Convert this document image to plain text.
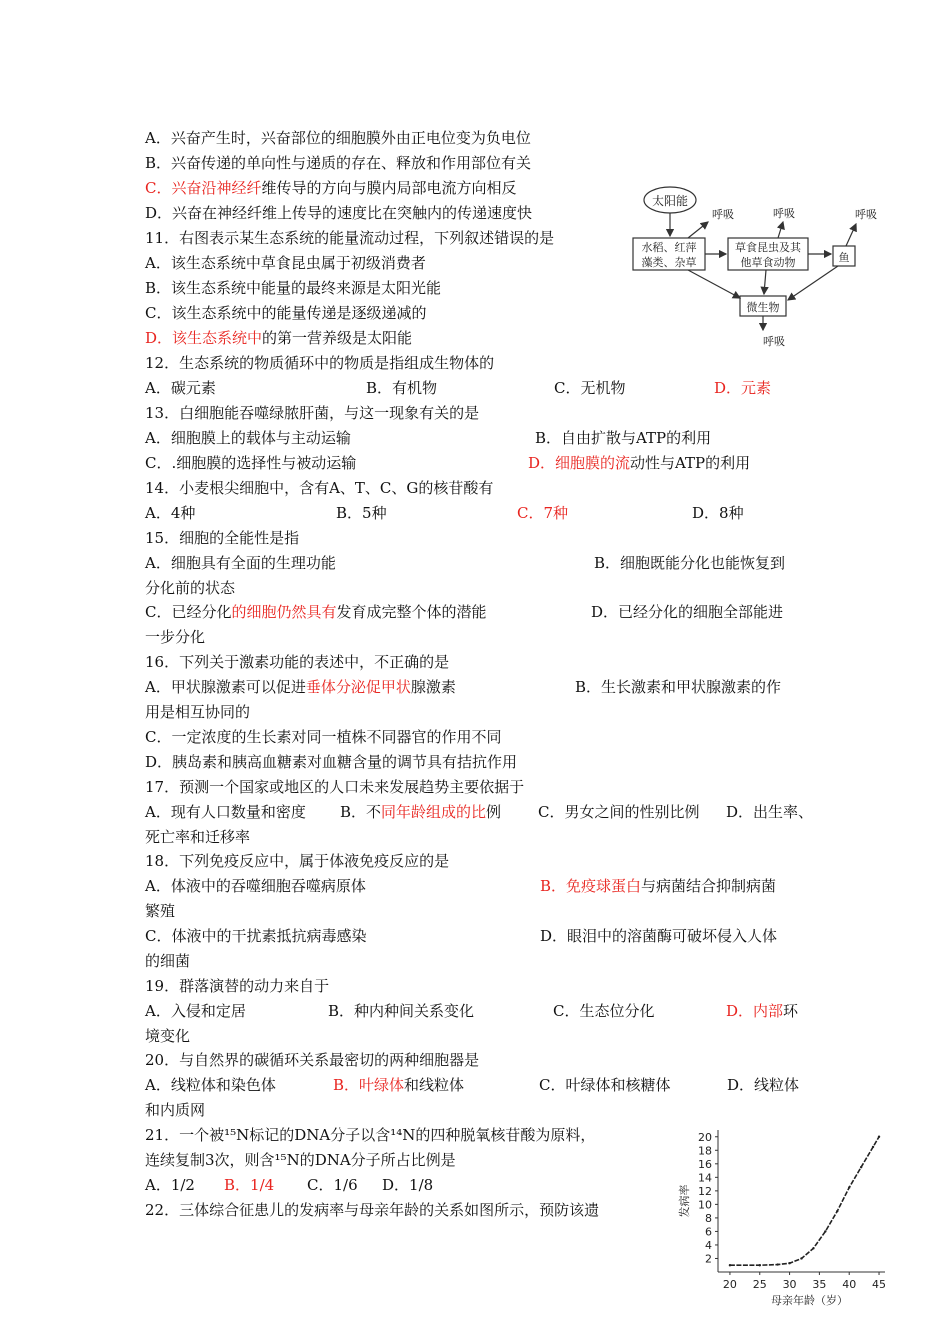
A．兴奋产生时，兴奋部位的细胞膜外由正电位变为负电位
B．兴奋传递的单向性与递质的存在、释放和作用部位有关
C．兴奋沿神经纤维传导的方向与膜内局部电流方向相反
D．兴奋在神经纤维上传导的速度比在突触内的传递速度快
11．右图表示某生态系统的能量流动过程，下列叙述错误的是
A．该生态系统中草食昆虫属于初级消费者
B．该生态系统中能量的最终来源是太阳光能
C．该生态系统中的能量传递是逐级递减的
D．该生态系统中的第一营养级是太阳能
太阳能
水稻、红萍
藻类、杂草
草食昆虫及其
他草食动物	鱼
微生物
呼吸	呼吸	呼吸
呼吸
12．生态系统的物质循环中的物质是指组成生物体的
A．碳元素	B．有机物	C．无机物	D．元素
13．白细胞能吞噬绿脓肝菌，与这一现象有关的是
A．细胞膜上的载体与主动运输	B．自由扩散与ATP的利用
C．.细胞膜的选择性与被动运输	D．细胞膜的流动性与ATP的利用
14．小麦根尖细胞中，含有A、T、C、G的核苷酸有
A．4种	B．5种	C．7种	D．8种
15．细胞的全能性是指
A．细胞具有全面的生理功能	B．细胞既能分化也能恢复到
分化前的状态
C．已经分化的细胞仍然具有发育成完整个体的潜能	D．已经分化的细胞全部能进
一步分化
16．下列关于激素功能的表述中，不正确的是
A．甲状腺激素可以促进垂体分泌促甲状腺激素	B．生长激素和甲状腺激素的作
用是相互协同的
C．一定浓度的生长素对同一植株不同器官的作用不同
D．胰岛素和胰高血糖素对血糖含量的调节具有拮抗作用
17．预测一个国家或地区的人口未来发展趋势主要依据于
A．现有人口数量和密度 B．不同年龄组成的比例 C．男女之间的性别比例 D．出生率、
死亡率和迁移率
18．下列免疫反应中，属于体液免疫反应的是
A．体液中的吞噬细胞吞噬病原体	B．免疫球蛋白与病菌结合抑制病菌
繁殖
C．体液中的干扰素抵抗病毒感染	D．眼泪中的溶菌酶可破坏侵入人体
的细菌
19．群落演替的动力来自于
A．入侵和定居	B．种内种间关系变化	C．生态位分化	D．内部环
境变化
20．与自然界的碳循环关系最密切的两种细胞器是
A．线粒体和染色体	B．叶绿体和线粒体	C．叶绿体和核糖体	D．线粒体
和内质网
21．一个被¹⁵N标记的DNA分子以含¹⁴N的四种脱氧核苷酸为原料，
连续复制3次，则含¹⁵N的DNA分子所占比例是
A．1/2 B．1/4 C．1/6 D．1/8
22．三体综合征患儿的发病率与母亲年龄的关系如图所示，预防该遗
2
4
6
8
10
12
14
16
18
20
20 25 30 35 40 45
发病率
母亲年龄（岁）
